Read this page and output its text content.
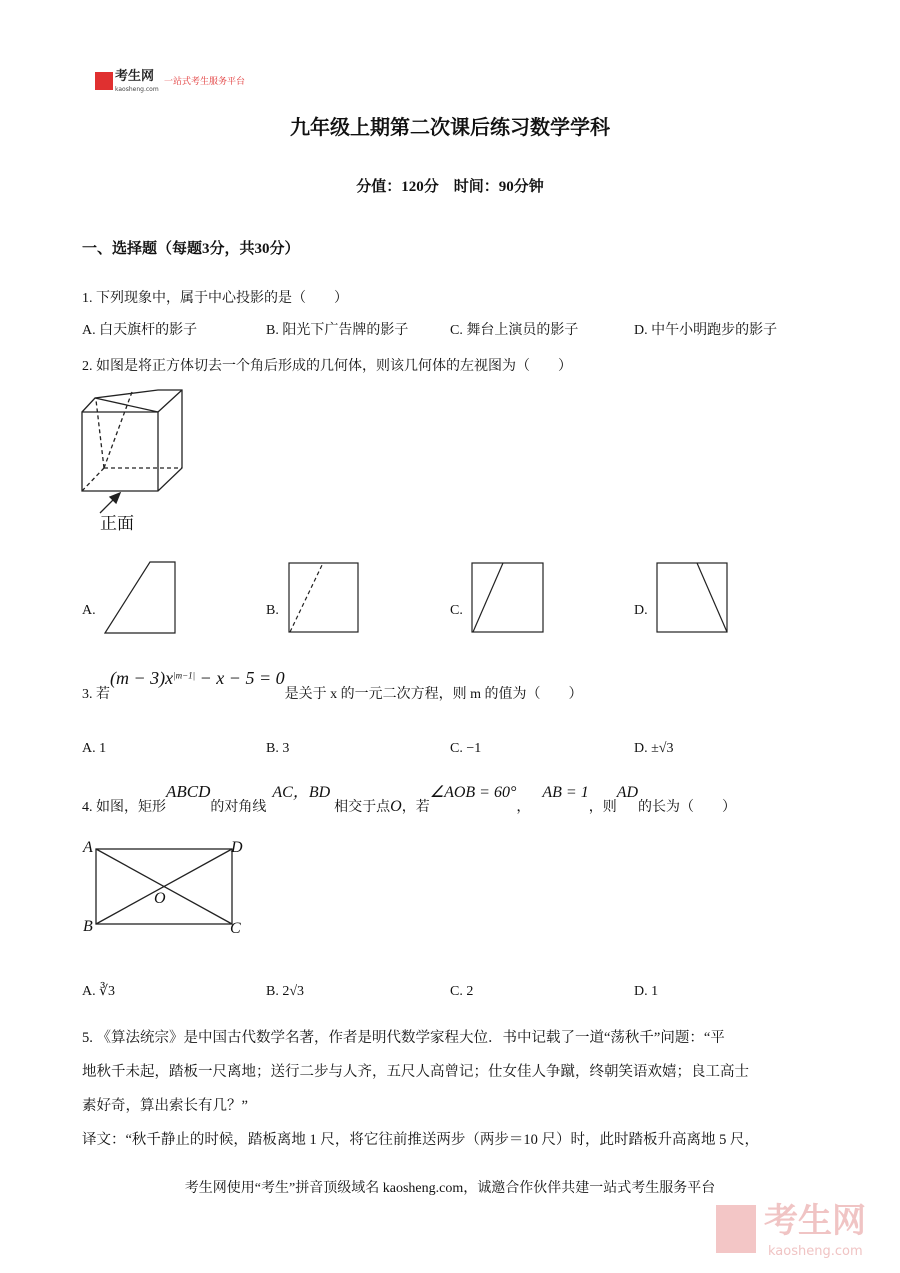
考生网
kaosheng.com
一站式考生服务平台
九年级上期第二次课后练习数学学科
分值：120分　时间：90分钟
一、选择题（每题3分，共30分）
1. 下列现象中，属于中心投影的是（　　）
A. 白天旗杆的影子	B. 阳光下广告牌的影子	C. 舞台上演员的影子	D. 中午小明跑步的影子
2. 如图是将正方体切去一个角后形成的几何体，则该几何体的左视图为（　　）
正面
A.	B.	C.	D.
3. 若
$(m - 3)x^{|m-1|} - x - 5 = 0$
是关于 x 的一元二次方程，则 m 的值为（　　）
A. 1	B. 3	C. −1	D. ±√3
4. 如图，矩形
ABCD
的对角线
AC，BD
相交于点 O ，若
∠AOB = 60°
，
AB = 1
，则
AD
的长为（　　）
A	D
B	C
O
A. ∛3	B. 2√3	C. 2	D. 1
5. 《算法统宗》是中国古代数学名著，作者是明代数学家程大位．书中记载了一道“荡秋千”问题：“平
地秋千未起，踏板一尺离地；送行二步与人齐，五尺人高曾记；仕女佳人争蹴，终朝笑语欢嬉；良工高士
素好奇，算出索长有几？”
译文：“秋千静止的时候，踏板离地 1 尺，将它往前推送两步（两步＝10 尺）时，此时踏板升高离地 5 尺，
考生网使用“考生”拼音顶级域名 kaosheng.com，诚邀合作伙伴共建一站式考生服务平台
考生网
kaosheng.com
